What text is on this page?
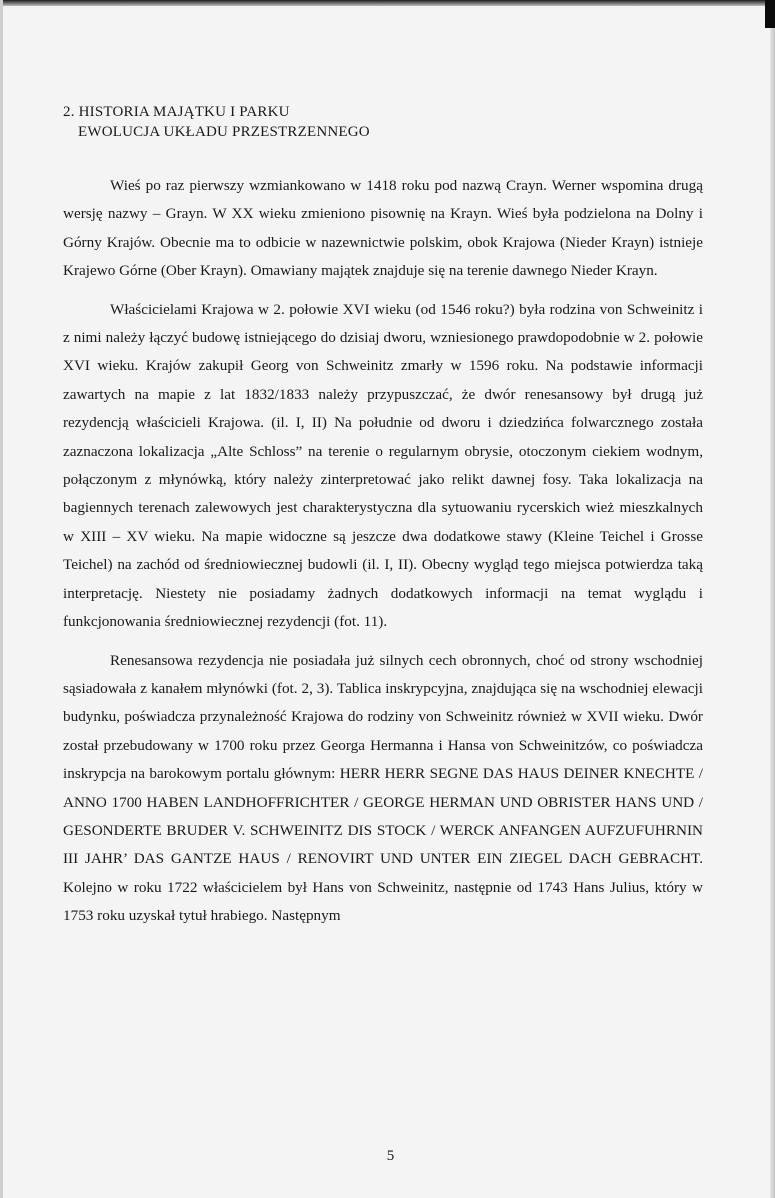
2. HISTORIA MAJĄTKU I PARKU
EWOLUCJA UKŁADU PRZESTRZENNEGO

Wieś po raz pierwszy wzmiankowano w 1418 roku pod nazwą Crayn. Werner wspomina drugą wersję nazwy – Grayn. W XX wieku zmieniono pisownię na Krayn. Wieś była podzielona na Dolny i Górny Krajów. Obecnie ma to odbicie w nazewnictwie polskim, obok Krajowa (Nieder Krayn) istnieje Krajewo Górne (Ober Krayn). Omawiany majątek znajduje się na terenie dawnego Nieder Krayn.

Właścicielami Krajowa w 2. połowie XVI wieku (od 1546 roku?) była rodzina von Schweinitz i z nimi należy łączyć budowę istniejącego do dzisiaj dworu, wzniesionego prawdopodobnie w 2. połowie XVI wieku. Krajów zakupił Georg von Schweinitz zmarły w 1596 roku. Na podstawie informacji zawartych na mapie z lat 1832/1833 należy przypuszczać, że dwór renesansowy był drugą już rezydencją właścicieli Krajowa. (il. I, II) Na południe od dworu i dziedzińca folwarcznego została zaznaczona lokalizacja „Alte Schloss” na terenie o regularnym obrysie, otoczonym ciekiem wodnym, połączonym z młynówką, który należy zinterpretować jako relikt dawnej fosy. Taka lokalizacja na bagiennych terenach zalewowych jest charakterystyczna dla sytuowaniu rycerskich wież mieszkalnych w XIII – XV wieku. Na mapie widoczne są jeszcze dwa dodatkowe stawy (Kleine Teichel i Grosse Teichel) na zachód od średniowiecznej budowli (il. I, II). Obecny wygląd tego miejsca potwierdza taką interpretację. Niestety nie posiadamy żadnych dodatkowych informacji na temat wyglądu i funkcjonowania średniowiecznej rezydencji (fot. 11).

Renesansowa rezydencja nie posiadała już silnych cech obronnych, choć od strony wschodniej sąsiadowała z kanałem młynówki (fot. 2, 3). Tablica inskrypcyjna, znajdująca się na wschodniej elewacji budynku, poświadcza przynależność Krajowa do rodziny von Schweinitz również w XVII wieku. Dwór został przebudowany w 1700 roku przez Georga Hermanna i Hansa von Schweinitzów, co poświadcza inskrypcja na barokowym portalu głównym: HERR HERR SEGNE DAS HAUS DEINER KNECHTE / ANNO 1700 HABEN LANDHOFFRICHTER / GEORGE HERMAN UND OBRISTER HANS UND / GESONDERTE BRUDER V. SCHWEINITZ DIS STOCK / WERCK ANFANGEN AUFZUFUHRNIN III JAHR’ DAS GANTZE HAUS / RENOVIRT UND UNTER EIN ZIEGEL DACH GEBRACHT. Kolejno w roku 1722 właścicielem był Hans von Schweinitz, następnie od 1743 Hans Julius, który w 1753 roku uzyskał tytuł hrabiego. Następnym

5
